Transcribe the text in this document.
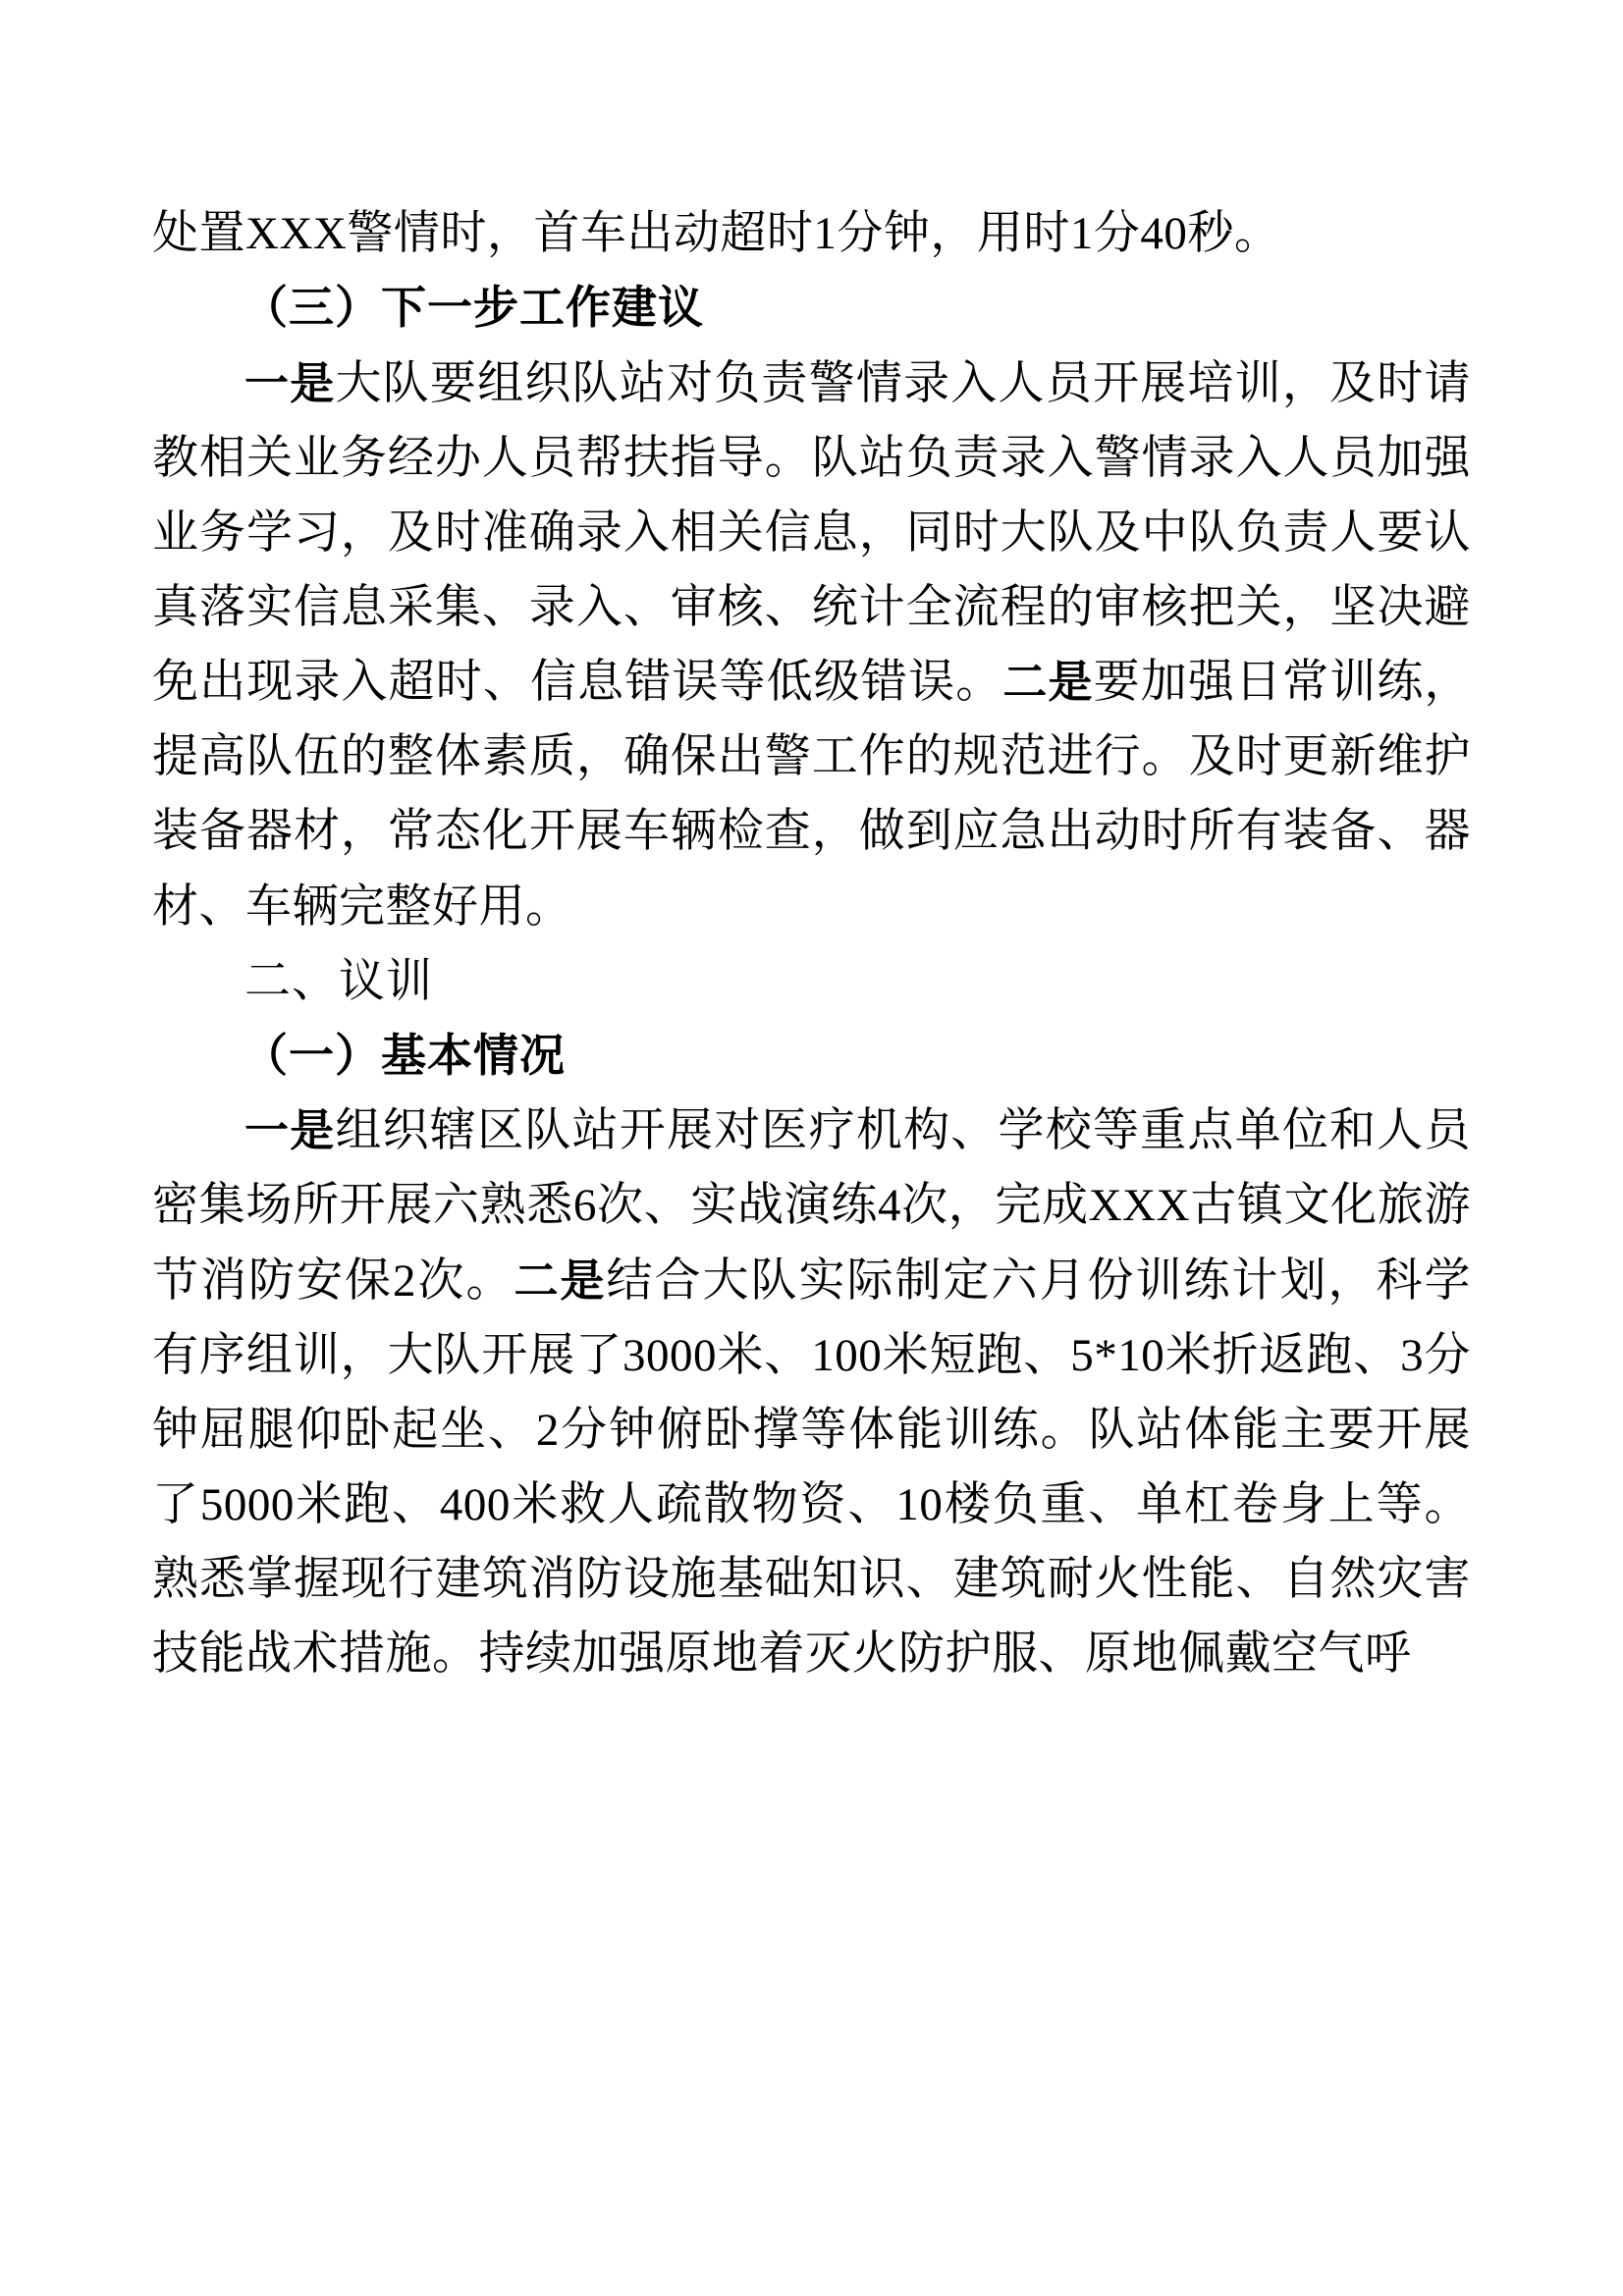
处置XXX警情时，首车出动超时1分钟，用时1分40秒。

（三）下一步工作建议

一是大队要组织队站对负责警情录入人员开展培训，及时请教相关业务经办人员帮扶指导。队站负责录入警情录入人员加强业务学习，及时准确录入相关信息，同时大队及中队负责人要认真落实信息采集、录入、审核、统计全流程的审核把关，坚决避免出现录入超时、信息错误等低级错误。二是要加强日常训练，提高队伍的整体素质，确保出警工作的规范进行。及时更新维护装备器材，常态化开展车辆检查，做到应急出动时所有装备、器材、车辆完整好用。

二、议训

（一）基本情况

一是组织辖区队站开展对医疗机构、学校等重点单位和人员密集场所开展六熟悉6次、实战演练4次，完成XXX古镇文化旅游节消防安保2次。二是结合大队实际制定六月份训练计划，科学有序组训，大队开展了3000米、100米短跑、5*10米折返跑、3分钟屈腿仰卧起坐、2分钟俯卧撑等体能训练。队站体能主要开展了5000米跑、400米救人疏散物资、10楼负重、单杠卷身上等。熟悉掌握现行建筑消防设施基础知识、建筑耐火性能、自然灾害技能战术措施。持续加强原地着灭火防护服、原地佩戴空气呼
